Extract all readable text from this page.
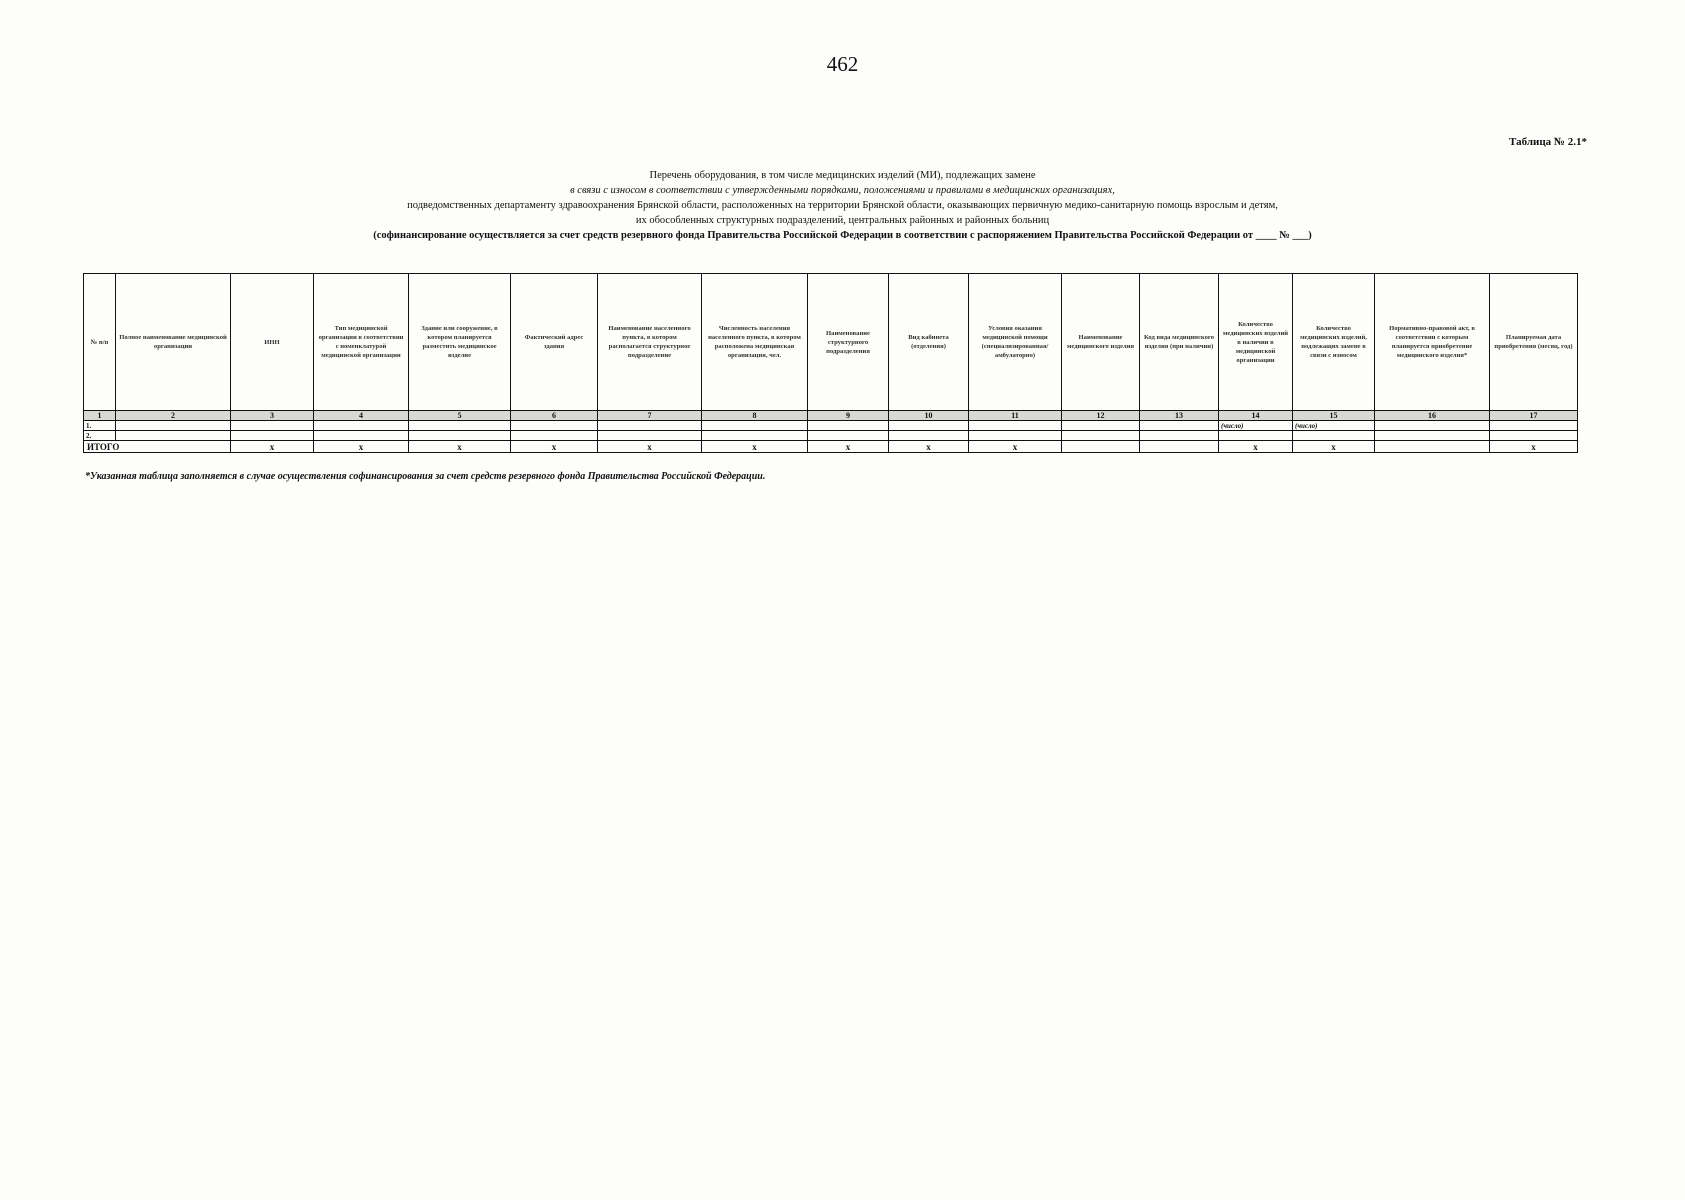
462
Таблица № 2.1*
Перечень оборудования, в том числе медицинских изделий (МИ), подлежащих замене
в связи с износом в соответствии с утвержденными порядками, положениями и правилами в медицинских организациях,
подведомственных департаменту здравоохранения Брянской области, расположенных на территории Брянской области, оказывающих первичную медико-санитарную помощь взрослым и детям,
их обособленных структурных подразделений, центральных районных и районных больниц
(софинансирование осуществляется за счет средств резервного фонда Правительства Российской Федерации в соответствии с распоряжением Правительства Российской Федерации от ____ № ___)
№ п/п	Полное наименование медицинской организации	ИНН	Тип медицинской организации в соответствии с номенклатурой медицинской организации	Здание или сооружение, в котором планируется разместить медицинское изделие	Фактический адрес здания	Наименование населенного пункта, в котором располагается структурное подразделение	Численность населения населенного пункта, в котором расположена медицинская организация, чел.	Наименование структурного подразделения	Вид кабинета (отделения)	Условия оказания медицинской помощи (специализированная/амбулаторно)	Наименование медицинского изделия	Код вида медицинского изделия (при наличии)	Количество медицинских изделий в наличии в медицинской организации	Количество медицинских изделий, подлежащих замене в связи с износом	Нормативно-правовой акт, в соответствии с которым планируется приобретение медицинского изделия*	Планируемая дата приобретения (месяц, год)
1	2	3	4	5	6	7	8	9	10	11	12	13	14	15	16	17
1.													(число)	(число)		
2.																
ИТОГО		x	x	x	x	x	x	x	x	x			x	x		x
*Указанная таблица заполняется в случае осуществления софинансирования за счет средств резервного фонда Правительства Российской Федерации.
